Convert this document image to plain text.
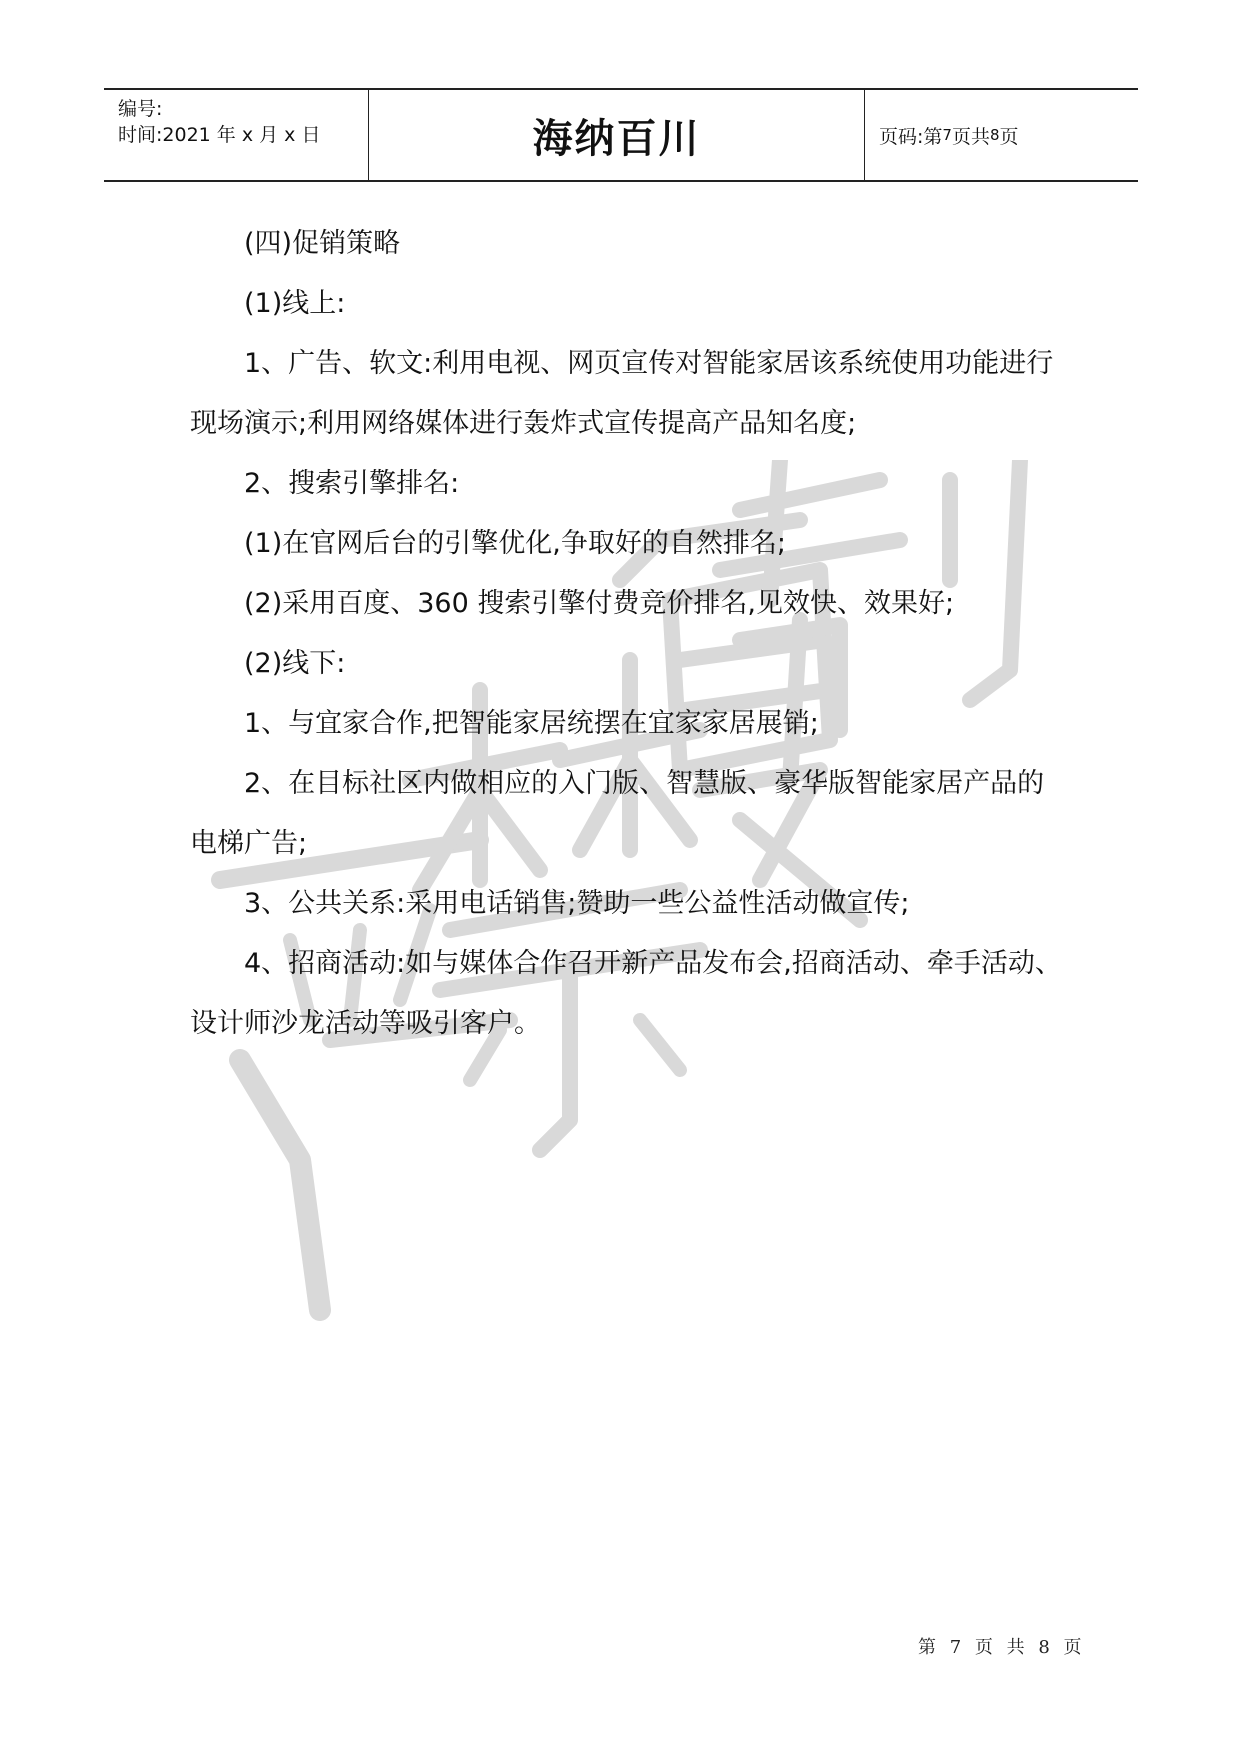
编号:
时间:2021 年 x 月 x 日	海纳百川	页码:第 7 页共 8 页

(四)促销策略

(1)线上:

1、广告、软文:利用电视、网页宣传对智能家居该系统使用功能进行现场演示;利用网络媒体进行轰炸式宣传提高产品知名度;

2、搜索引擎排名:

(1)在官网后台的引擎优化,争取好的自然排名;

(2)采用百度、360 搜索引擎付费竞价排名,见效快、效果好;

(2)线下:

1、与宜家合作,把智能家居统摆在宜家家居展销;

2、在目标社区内做相应的入门版、智慧版、豪华版智能家居产品的电梯广告;

3、公共关系:采用电话销售;赞助一些公益性活动做宣传;

4、招商活动:如与媒体合作召开新产品发布会,招商活动、牵手活动、设计师沙龙活动等吸引客户。

第 7 页 共 8 页
